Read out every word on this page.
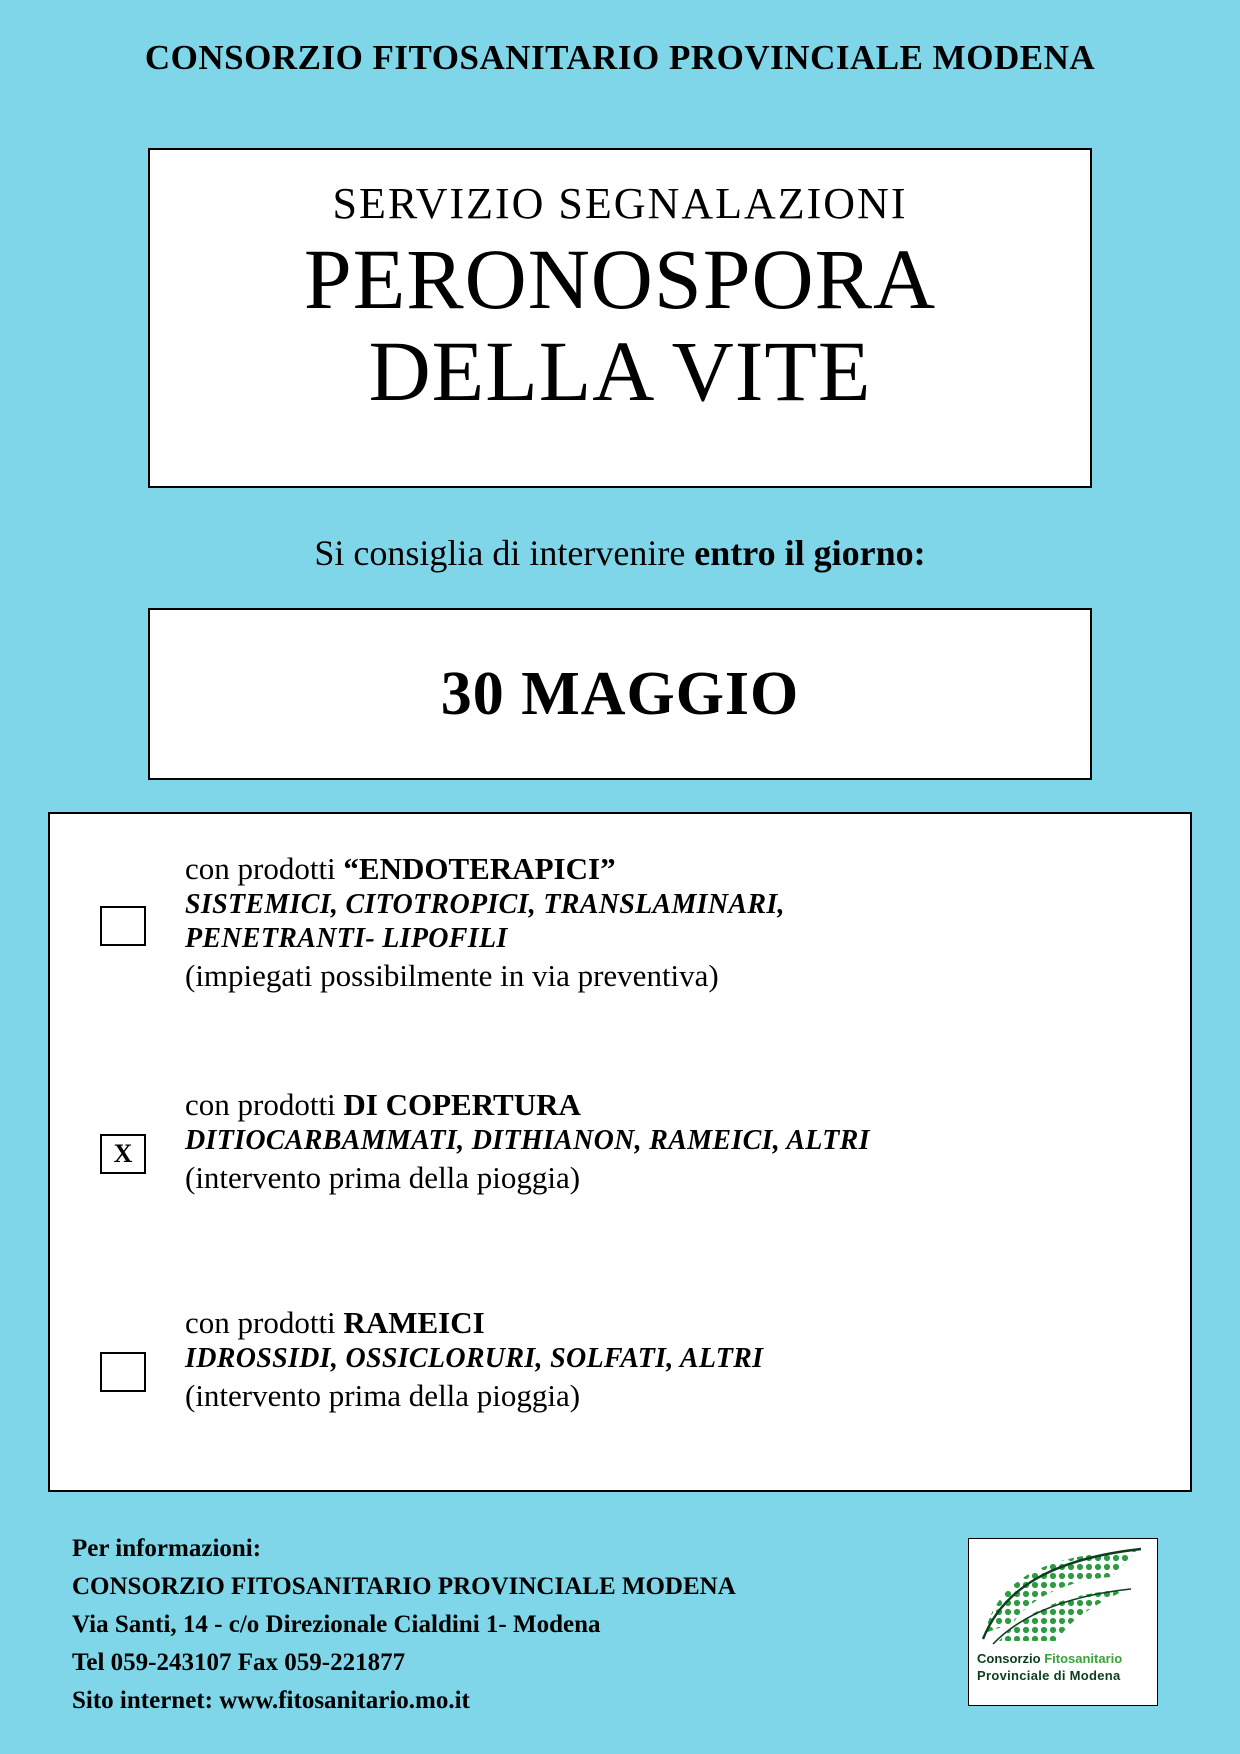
CONSORZIO FITOSANITARIO PROVINCIALE MODENA
SERVIZIO SEGNALAZIONI
PERONOSPORA
DELLA VITE
Si consiglia di intervenire entro il giorno:
30 MAGGIO
con prodotti “ENDOTERAPICI”
SISTEMICI, CITOTROPICI, TRANSLAMINARI,
PENETRANTI- LIPOFILI
(impiegati possibilmente in via preventiva)
X
con prodotti DI COPERTURA
DITIOCARBAMMATI, DITHIANON, RAMEICI, ALTRI
(intervento prima della pioggia)
con prodotti RAMEICI
IDROSSIDI, OSSICLORURI, SOLFATI, ALTRI
(intervento prima della pioggia)
Per informazioni:
CONSORZIO FITOSANITARIO PROVINCIALE MODENA
Via Santi, 14 - c/o Direzionale Cialdini 1- Modena
Tel 059-243107 Fax 059-221877
Sito internet: www.fitosanitario.mo.it
Consorzio Fitosanitario
Provinciale di Modena
